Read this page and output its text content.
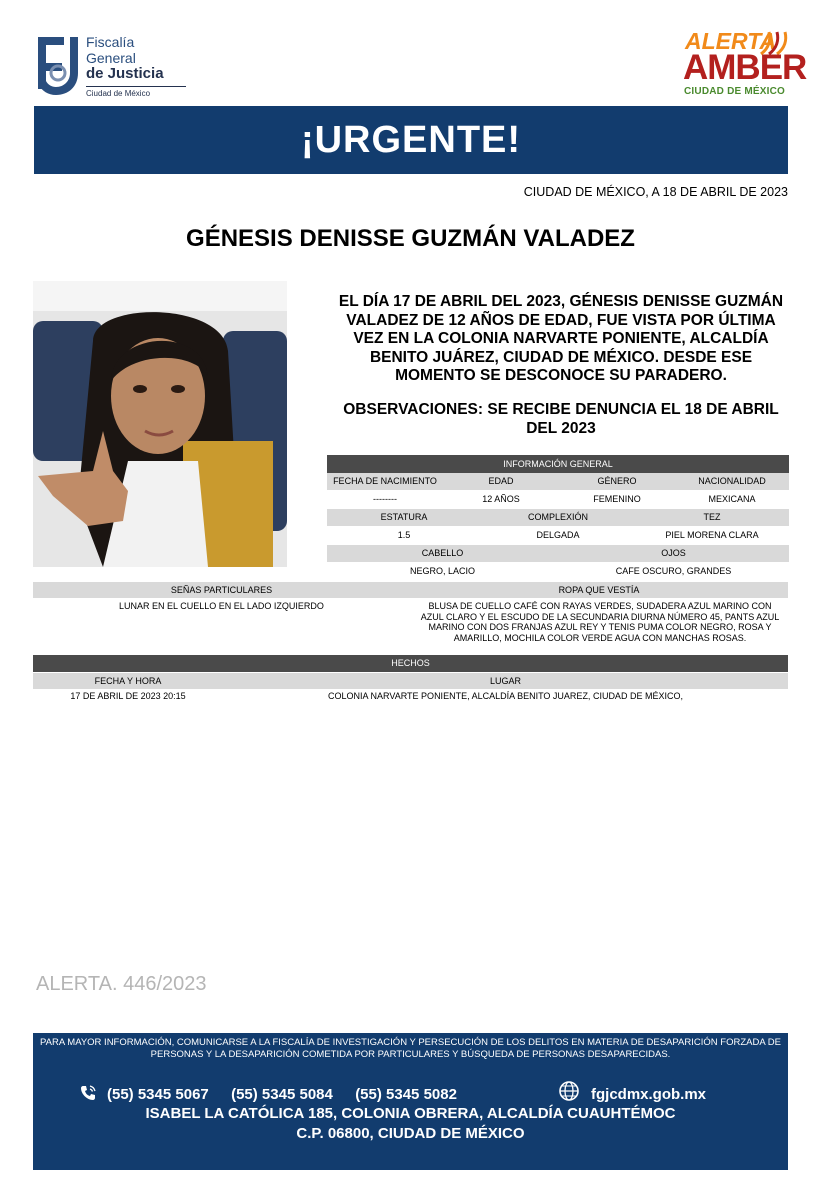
Fiscalía
General
de Justicia
Ciudad de México
ALERTA
AMBER
CIUDAD DE MÉXICO
¡URGENTE!
CIUDAD DE MÉXICO, A 18 DE ABRIL DE 2023
GÉNESIS DENISSE GUZMÁN VALADEZ
EL DÍA 17 DE ABRIL DEL 2023, GÉNESIS DENISSE GUZMÁN VALADEZ DE 12 AÑOS DE EDAD, FUE VISTA POR ÚLTIMA VEZ EN LA COLONIA NARVARTE PONIENTE, ALCALDÍA BENITO JUÁREZ, CIUDAD DE MÉXICO. DESDE ESE MOMENTO SE DESCONOCE SU PARADERO.
OBSERVACIONES: SE RECIBE DENUNCIA EL 18 DE ABRIL DEL 2023
INFORMACIÓN GENERAL
FECHA DE NACIMIENTO	EDAD	GÉNERO	NACIONALIDAD
--------	12 AÑOS	FEMENINO	MEXICANA
ESTATURA	COMPLEXIÓN	TEZ
1.5	DELGADA	PIEL MORENA CLARA
CABELLO	OJOS
NEGRO, LACIO	CAFE OSCURO, GRANDES
SEÑAS PARTICULARES	ROPA QUE VESTÍA
LUNAR EN EL CUELLO EN EL LADO IZQUIERDO	BLUSA DE CUELLO CAFÉ CON RAYAS VERDES, SUDADERA AZUL MARINO CON AZUL CLARO Y EL ESCUDO DE LA SECUNDARIA DIURNA NÚMERO 45, PANTS AZUL MARINO CON DOS FRANJAS AZUL REY Y TENIS PUMA COLOR NEGRO, ROSA Y AMARILLO, MOCHILA COLOR VERDE AGUA CON MANCHAS ROSAS.
HECHOS
FECHA Y HORA	LUGAR
17 DE ABRIL DE 2023 20:15	COLONIA NARVARTE PONIENTE, ALCALDÍA BENITO JUAREZ, CIUDAD DE MÉXICO,
ALERTA. 446/2023
PARA MAYOR INFORMACIÓN, COMUNICARSE A LA FISCALÍA DE INVESTIGACIÓN Y PERSECUCIÓN DE LOS DELITOS EN MATERIA DE DESAPARICIÓN FORZADA DE PERSONAS Y LA DESAPARICIÓN COMETIDA POR PARTICULARES Y BÚSQUEDA DE PERSONAS DESAPARECIDAS.
(55) 5345 5067 (55) 5345 5084 (55) 5345 5082	fgjcdmx.gob.mx
ISABEL LA CATÓLICA 185, COLONIA OBRERA, ALCALDÍA CUAUHTÉMOC
C.P. 06800, CIUDAD DE MÉXICO
